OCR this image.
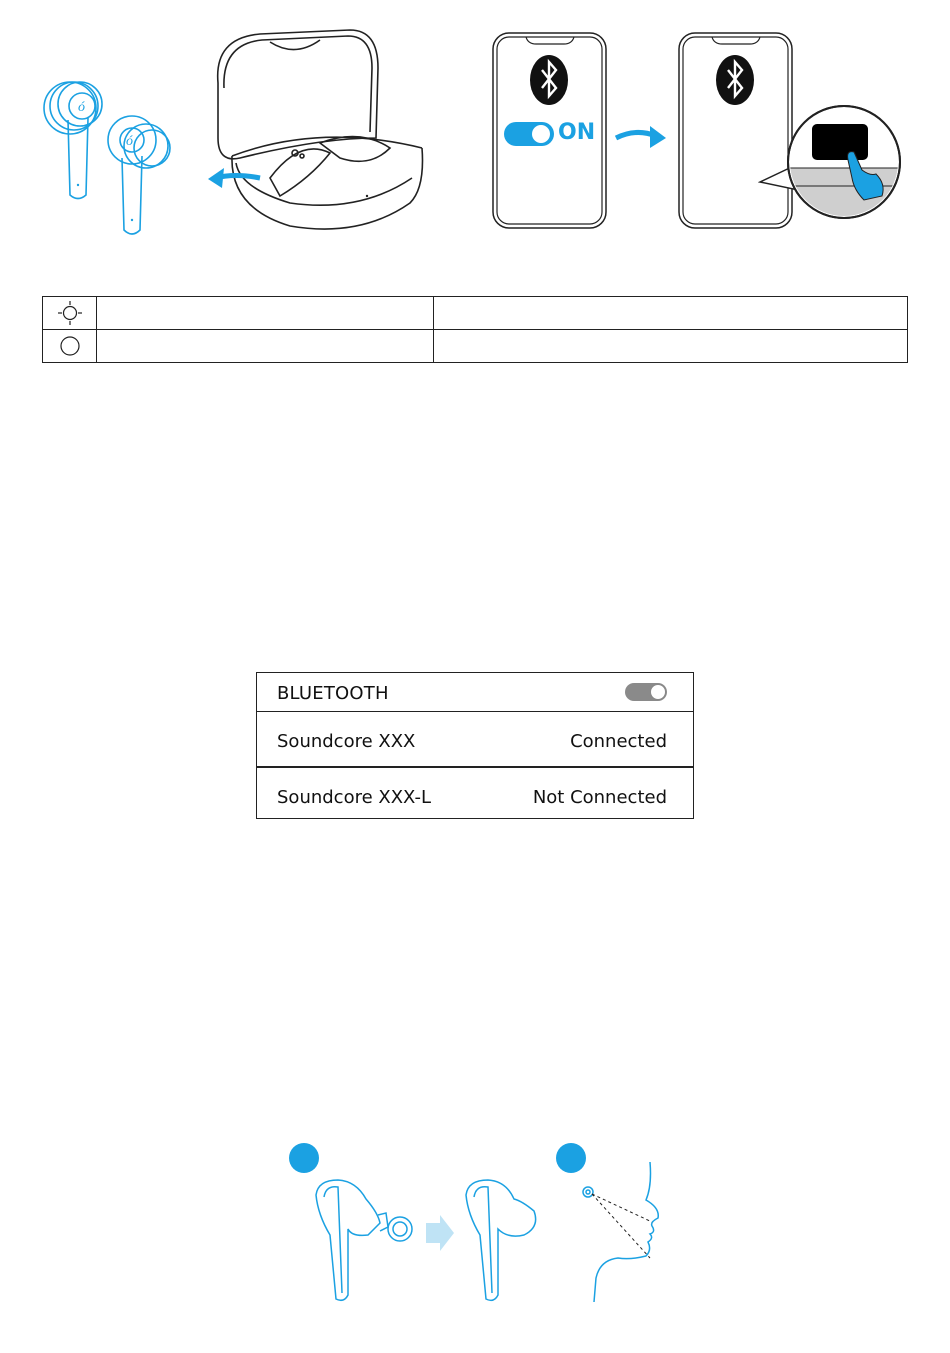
ó
ó	ON

BLUETOOTH
Soundcore XXX	Connected
Soundcore XXX-L	Not Connected
